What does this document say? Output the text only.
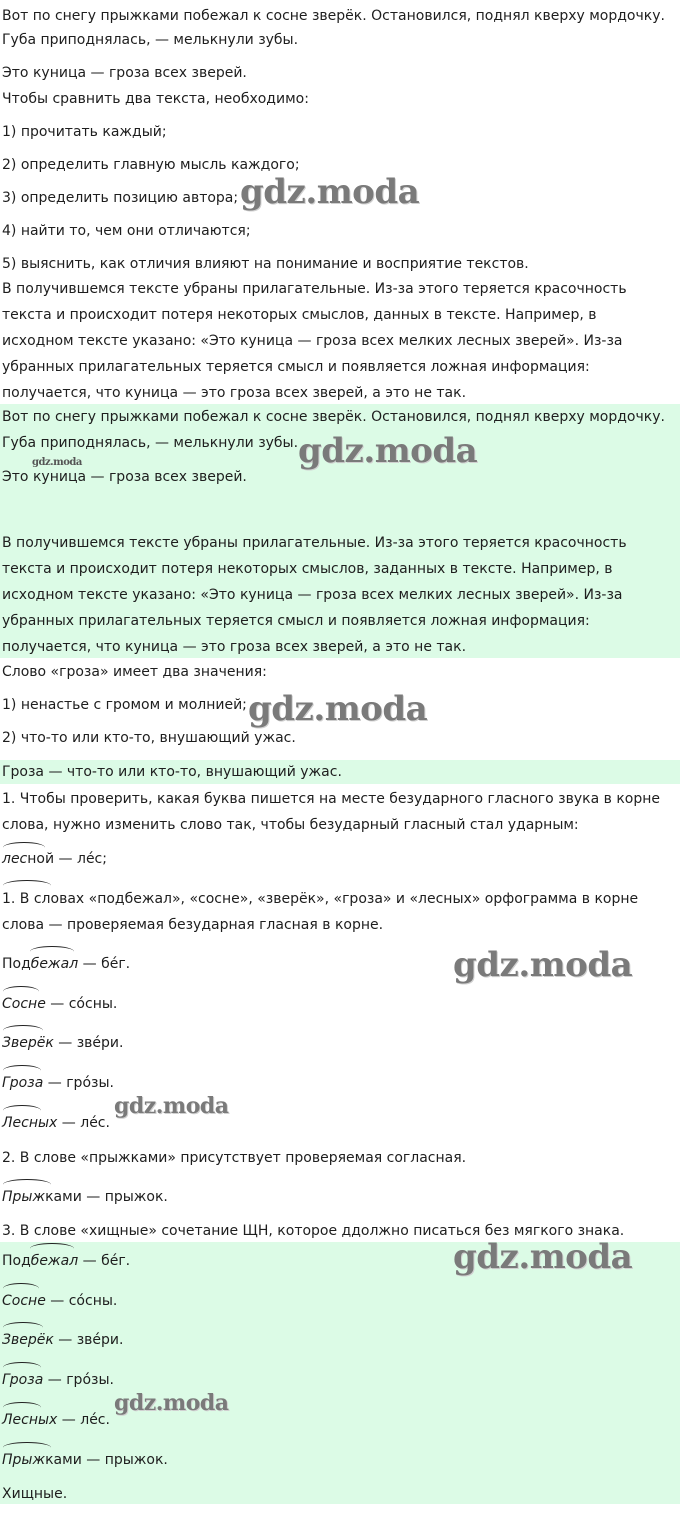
Вот по снегу прыжками побежал к сосне зверёк. Остановился, поднял кверху мордочку.

Губа приподнялась, — мелькнули зубы.

Это куница — гроза всех зверей.

Чтобы сравнить два текста, необходимо:

1) прочитать каждый;

2) определить главную мысль каждого;

3) определить позицию автора;

4) найти то, чем они отличаются;

5) выяснить, как отличия влияют на понимание и восприятие текстов.

В получившемся тексте убраны прилагательные. Из-за этого теряется красочность

текста и происходит потеря некоторых смыслов, данных в тексте. Например, в

исходном тексте указано: «Это куница — гроза всех мелких лесных зверей». Из-за

убранных прилагательных теряется смысл и появляется ложная информация:

получается, что куница — это гроза всех зверей, а это не так.

gdz.moda

Вот по снегу прыжками побежал к сосне зверёк. Остановился, поднял кверху мордочку.

Губа приподнялась, — мелькнули зубы.

Это куница — гроза всех зверей.

В получившемся тексте убраны прилагательные. Из-за этого теряется красочность

текста и происходит потеря некоторых смыслов, заданных в тексте. Например, в

исходном тексте указано: «Это куница — гроза всех мелких лесных зверей». Из-за

убранных прилагательных теряется смысл и появляется ложная информация:

получается, что куница — это гроза всех зверей, а это не так.

gdz.moda
gdz.moda

Слово «гроза» имеет два значения:

1) ненастье с громом и молнией;

2) что-то или кто-то, внушающий ужас.

gdz.moda

Гроза — что-то или кто-то, внушающий ужас.

1. Чтобы проверить, какая буква пишется на месте безударного гласного звука в корне

слова, нужно изменить слово так, чтобы безударный гласный стал ударным:

лесной — ле́с;

1. В словах «подбежал», «сосне», «зверёк», «гроза» и «лесных» орфограмма в корне

слова — проверяемая безударная гласная в корне.

Подбежал — бе́г.

Сосне — со́сны.

Зверёк — зве́ри.

Гроза — гро́зы.

Лесных — ле́с.

2. В слове «прыжками» присутствует проверяемая согласная.

Прыжками — прыжок.

3. В слове «хищные» сочетание ЩН, которое ддолжно писаться без мягкого знака.

gdz.moda
gdz.moda

Подбежал — бе́г.

Сосне — со́сны.

Зверёк — зве́ри.

Гроза — гро́зы.

Лесных — ле́с.

Прыжками — прыжок.

Хищные.

gdz.moda
gdz.moda
